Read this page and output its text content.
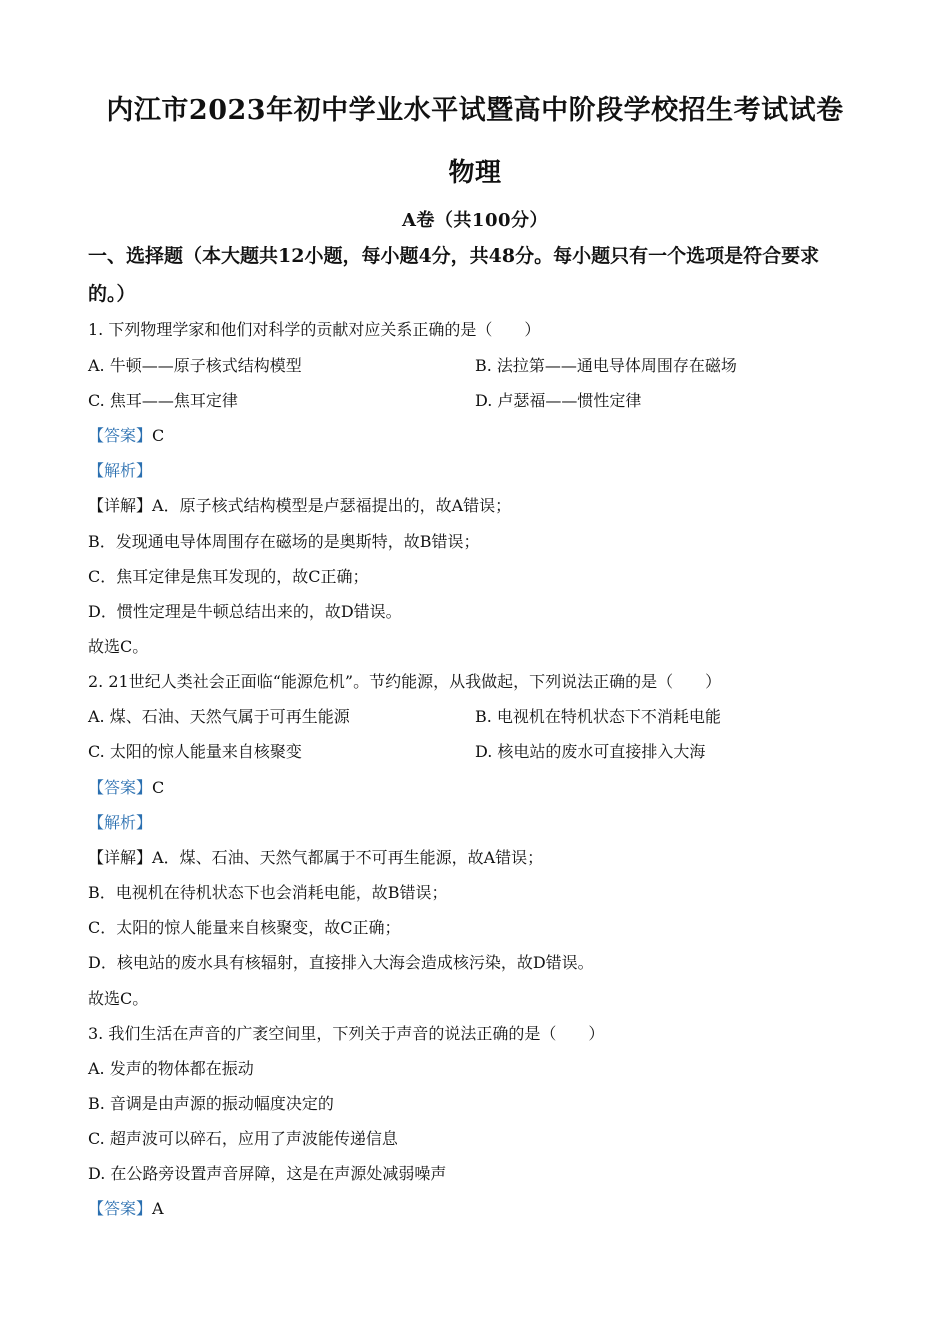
内江市2023年初中学业水平试暨高中阶段学校招生考试试卷
物理
A卷（共100分）
一、选择题（本大题共12小题，每小题4分，共48分。每小题只有一个选项是符合要求
的。）
1. 下列物理学家和他们对科学的贡献对应关系正确的是（　　）
A. 牛顿——原子核式结构模型	B. 法拉第——通电导体周围存在磁场
C. 焦耳——焦耳定律	D. 卢瑟福——惯性定律
【答案】C
【解析】
【详解】A．原子核式结构模型是卢瑟福提出的，故A错误；
B．发现通电导体周围存在磁场的是奥斯特，故B错误；
C．焦耳定律是焦耳发现的，故C正确；
D．惯性定理是牛顿总结出来的，故D错误。
故选C。
2. 21世纪人类社会正面临“能源危机”。节约能源，从我做起，下列说法正确的是（　　）
A. 煤、石油、天然气属于可再生能源	B. 电视机在特机状态下不消耗电能
C. 太阳的惊人能量来自核聚变	D. 核电站的废水可直接排入大海
【答案】C
【解析】
【详解】A．煤、石油、天然气都属于不可再生能源，故A错误；
B．电视机在待机状态下也会消耗电能，故B错误；
C．太阳的惊人能量来自核聚变，故C正确；
D．核电站的废水具有核辐射，直接排入大海会造成核污染，故D错误。
故选C。
3. 我们生活在声音的广袤空间里，下列关于声音的说法正确的是（　　）
A. 发声的物体都在振动
B. 音调是由声源的振动幅度决定的
C. 超声波可以碎石，应用了声波能传递信息
D. 在公路旁设置声音屏障，这是在声源处减弱噪声
【答案】A
